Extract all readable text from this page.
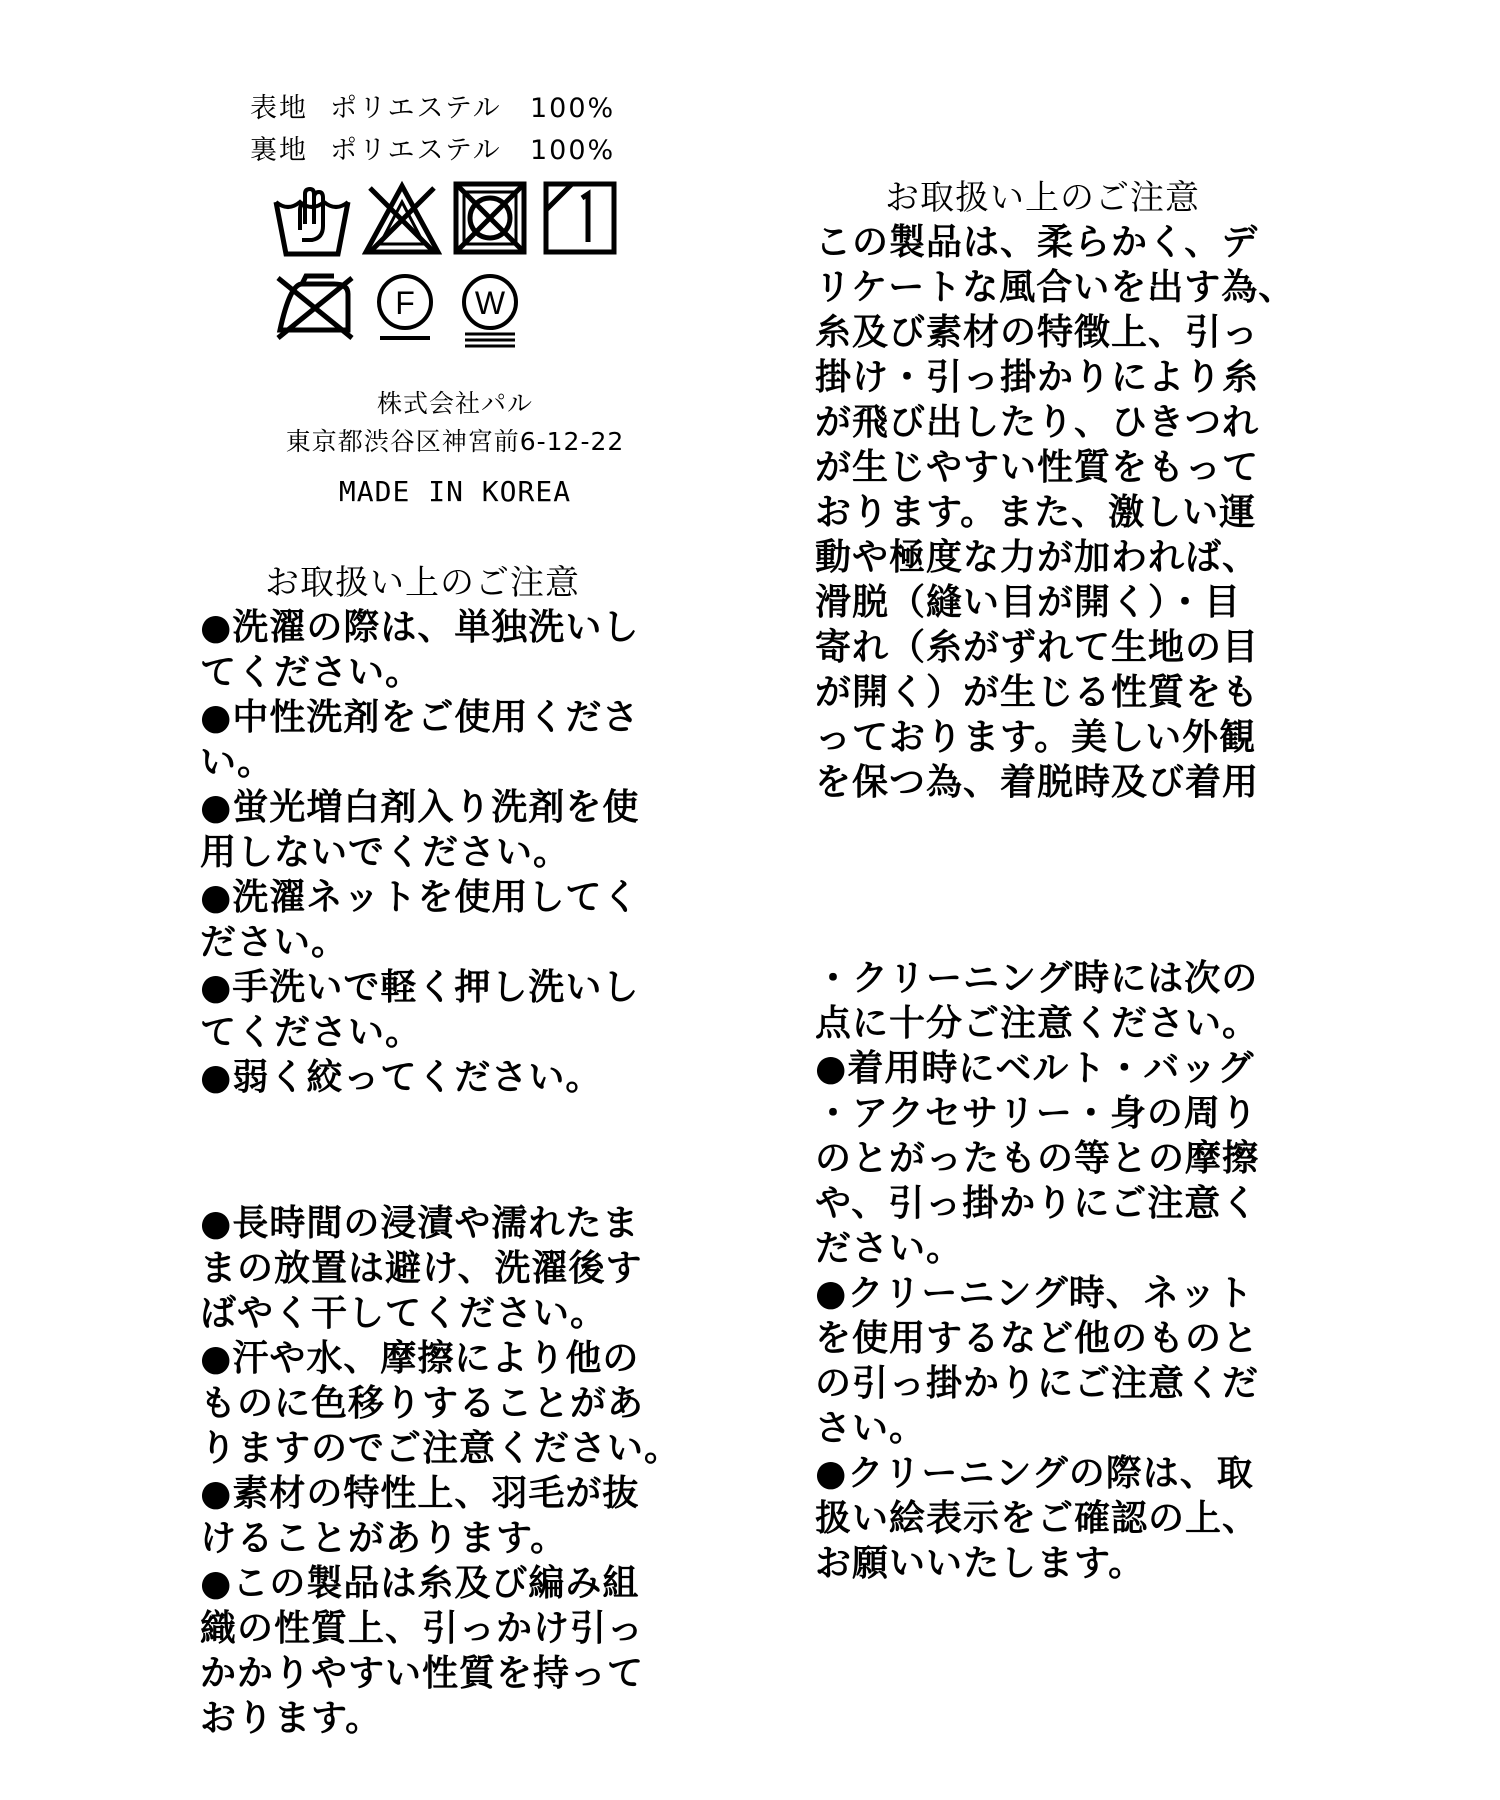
表地 ポリエステル 100%
裏地 ポリエステル 100%
F W
株式会社パル
東京都渋谷区神宮前6-12-22
MADE IN KOREA
お取扱い上のご注意
●洗濯の際は、単独洗いし
てください。
●中性洗剤をご使用くださ
い。
●蛍光増白剤入り洗剤を使
用しないでください。
●洗濯ネットを使用してく
ださい。
●手洗いで軽く押し洗いし
てください。
●弱く絞ってください。
●長時間の浸漬や濡れたま
まの放置は避け、洗濯後す
ばやく干してください。
●汗や水、摩擦により他の
ものに色移りすることがあ
りますのでご注意ください。
●素材の特性上、羽毛が抜
けることがあります。
●この製品は糸及び編み組
織の性質上、引っかけ引っ
かかりやすい性質を持って
おります。
お取扱い上のご注意
この製品は、柔らかく、デ
リケートな風合いを出す為、
糸及び素材の特徴上、引っ
掛け・引っ掛かりにより糸
が飛び出したり、ひきつれ
が生じやすい性質をもって
おります。また、激しい運
動や極度な力が加われば、
滑脱（縫い目が開く）・目
寄れ（糸がずれて生地の目
が開く）が生じる性質をも
っております。美しい外観
を保つ為、着脱時及び着用
・クリーニング時には次の
点に十分ご注意ください。
●着用時にベルト・バッグ
・アクセサリー・身の周り
のとがったもの等との摩擦
や、引っ掛かりにご注意く
ださい。
●クリーニング時、ネット
を使用するなど他のものと
の引っ掛かりにご注意くだ
さい。
●クリーニングの際は、取
扱い絵表示をご確認の上、
お願いいたします。
